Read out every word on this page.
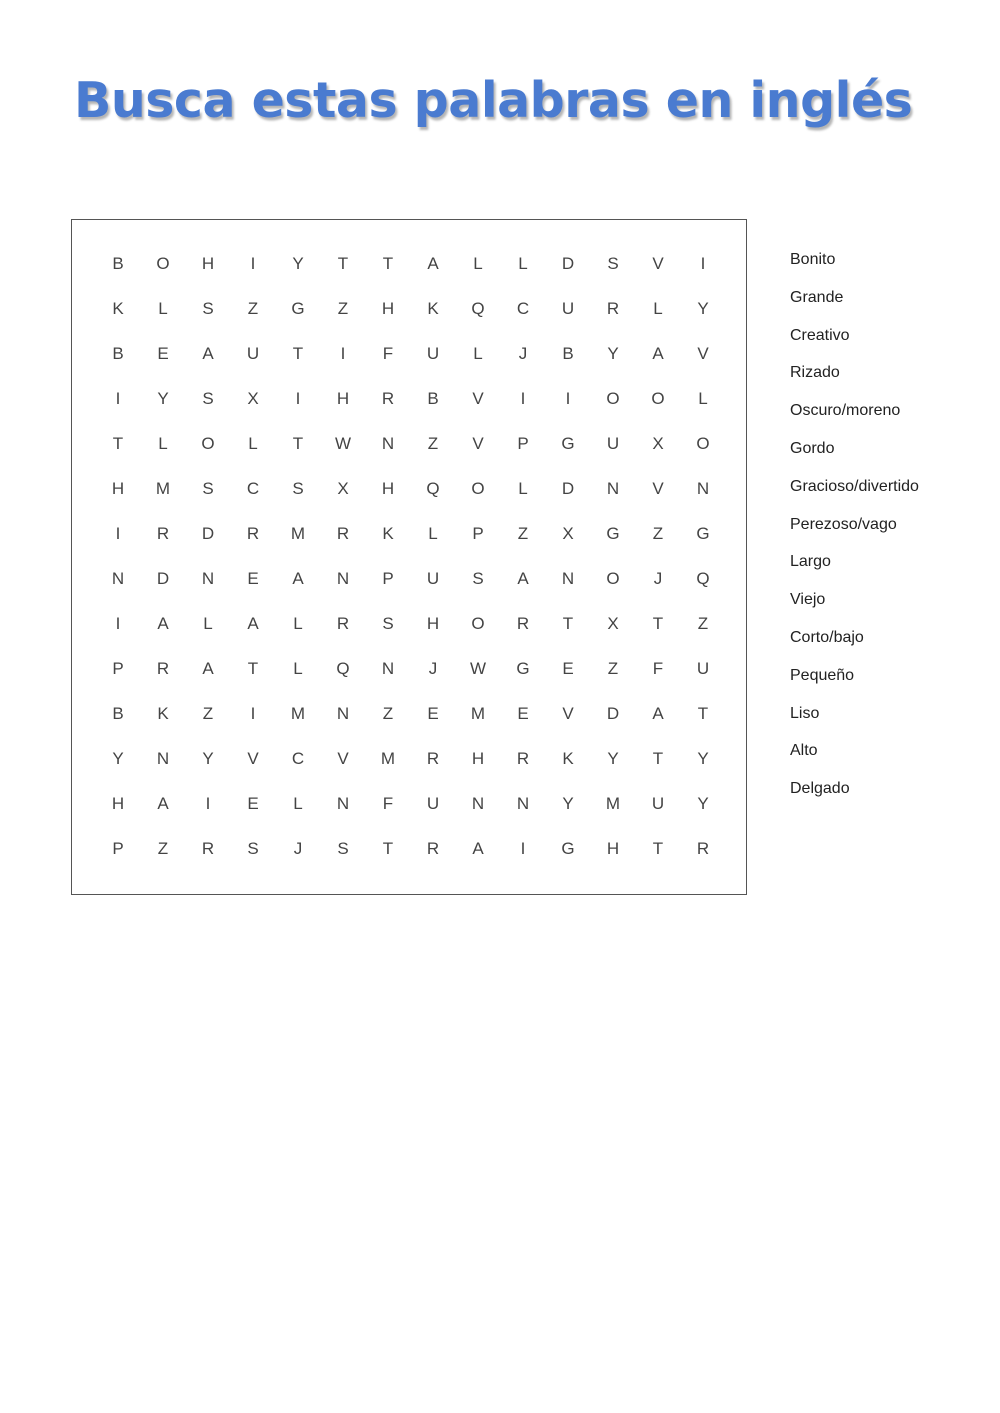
Busca estas palabras en inglés
B	O	H	I	Y	T	T	A	L	L	D	S	V	I
K	L	S	Z	G	Z	H	K	Q	C	U	R	L	Y
B	E	A	U	T	I	F	U	L	J	B	Y	A	V
I	Y	S	X	I	H	R	B	V	I	I	O	O	L
T	L	O	L	T	W	N	Z	V	P	G	U	X	O
H	M	S	C	S	X	H	Q	O	L	D	N	V	N
I	R	D	R	M	R	K	L	P	Z	X	G	Z	G
N	D	N	E	A	N	P	U	S	A	N	O	J	Q
I	A	L	A	L	R	S	H	O	R	T	X	T	Z
P	R	A	T	L	Q	N	J	W	G	E	Z	F	U
B	K	Z	I	M	N	Z	E	M	E	V	D	A	T
Y	N	Y	V	C	V	M	R	H	R	K	Y	T	Y
H	A	I	E	L	N	F	U	N	N	Y	M	U	Y
P	Z	R	S	J	S	T	R	A	I	G	H	T	R
Bonito
Grande
Creativo
Rizado
Oscuro/moreno
Gordo
Gracioso/divertido
Perezoso/vago
Largo
Viejo
Corto/bajo
Pequeño
Liso
Alto
Delgado
